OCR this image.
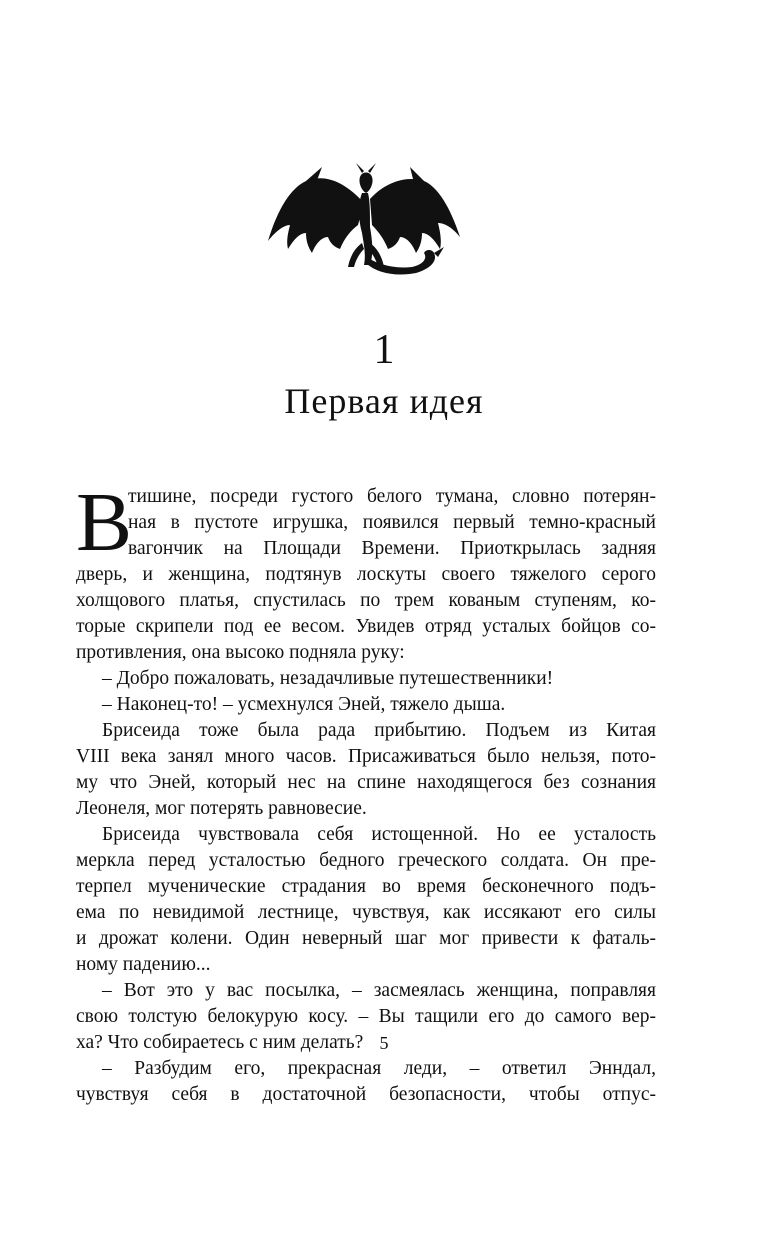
1
Первая идея
В
тишине, посреди густого белого тумана, словно потерян-
ная в пустоте игрушка, появился первый темно-красный
вагончик на Площади Времени. Приоткрылась задняя
дверь, и женщина, подтянув лоскуты своего тяжелого серого
холщового платья, спустилась по трем кованым ступеням, ко-
торые скрипели под ее весом. Увидев отряд усталых бойцов со-
противления, она высоко подняла руку:
– Добро пожаловать, незадачливые путешественники!
– Наконец-то! – усмехнулся Эней, тяжело дыша.
Брисеида тоже была рада прибытию. Подъем из Китая
VIII века занял много часов. Присаживаться было нельзя, пото-
му что Эней, который нес на спине находящегося без сознания
Леонеля, мог потерять равновесие.
Брисеида чувствовала себя истощенной. Но ее усталость
меркла перед усталостью бедного греческого солдата. Он пре-
терпел мученические страдания во время бесконечного подъ-
ема по невидимой лестнице, чувствуя, как иссякают его силы
и дрожат колени. Один неверный шаг мог привести к фаталь-
ному падению...
– Вот это у вас посылка, – засмеялась женщина, поправляя
свою толстую белокурую косу. – Вы тащили его до самого вер-
ха? Что собираетесь с ним делать?
– Разбудим его, прекрасная леди, – ответил Энндал,
чувствуя себя в достаточной безопасности, чтобы отпус-
5
